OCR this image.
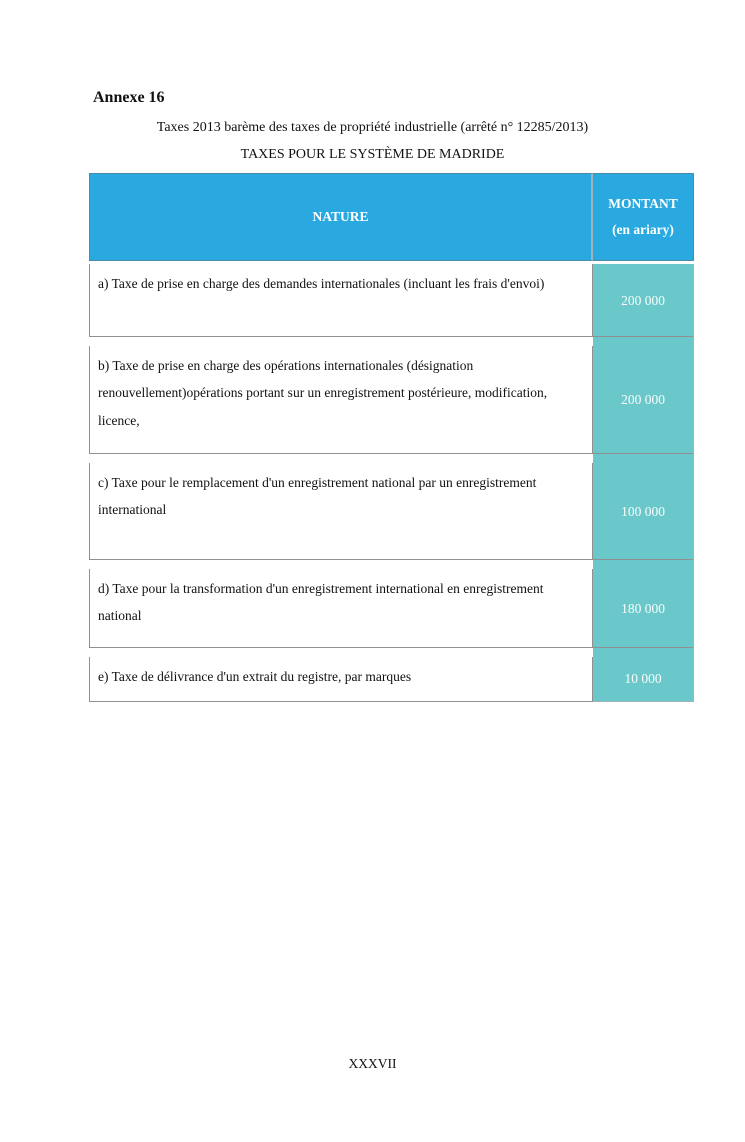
Annexe 16
Taxes 2013 barème des taxes de propriété industrielle (arrêté n° 12285/2013)
TAXES POUR LE SYSTÈME DE MADRIDE
NATURE
MONTANT
(en ariary)
a) Taxe de prise en charge des demandes internationales (incluant les frais d'envoi)
200 000
b) Taxe de prise en charge des opérations internationales (désignation renouvellement)opérations portant sur un enregistrement postérieure, modification, licence,
200 000
c) Taxe pour le remplacement d'un enregistrement national par un enregistrement international	100 000
d) Taxe pour la transformation d'un enregistrement international en enregistrement national
180 000
e) Taxe de délivrance d'un extrait du registre, par marques	10 000
XXXVII
